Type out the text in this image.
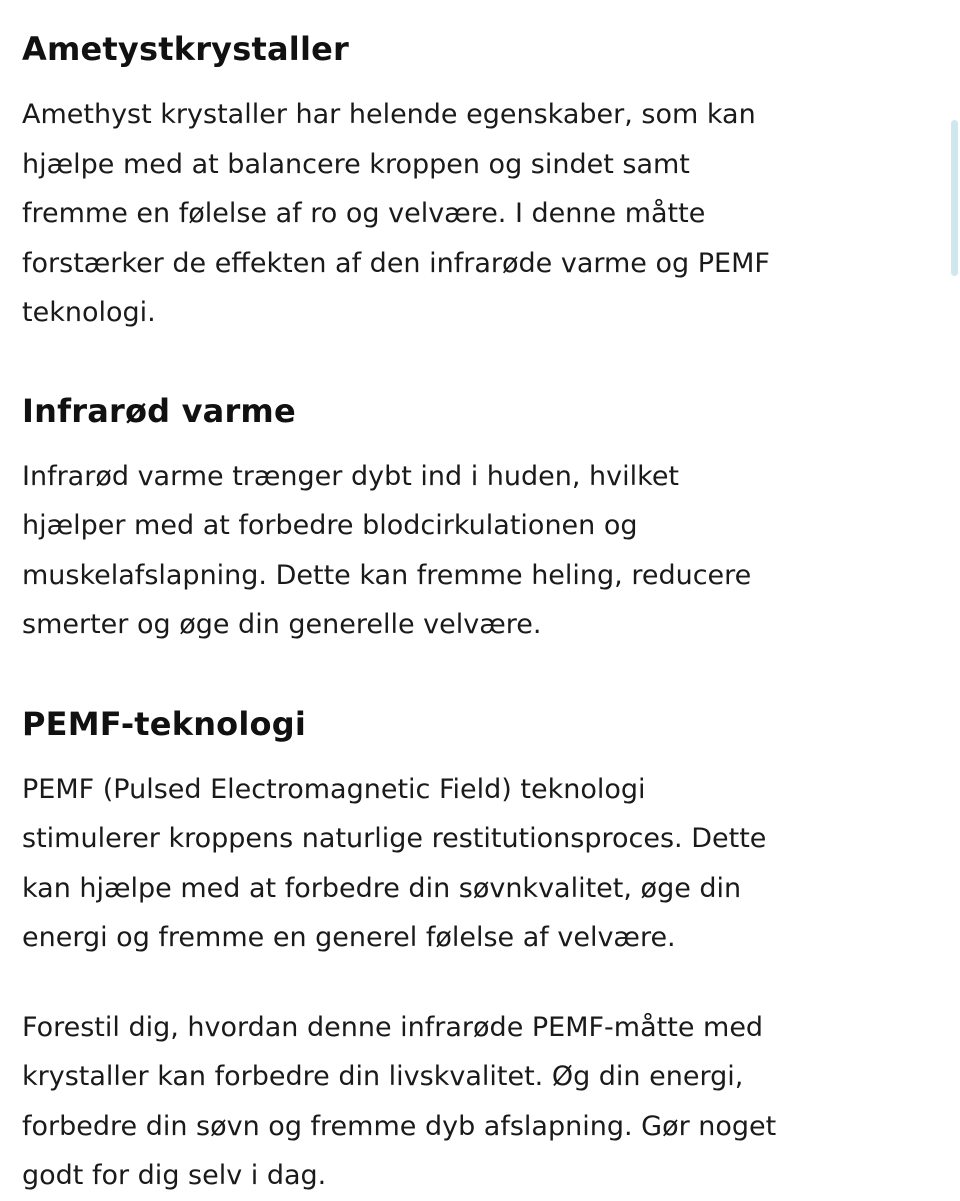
Ametystkrystaller

Amethyst krystaller har helende egenskaber, som kan
hjælpe med at balancere kroppen og sindet samt
fremme en følelse af ro og velvære. I denne måtte
forstærker de effekten af den infrarøde varme og PEMF
teknologi.

Infrarød varme

Infrarød varme trænger dybt ind i huden, hvilket
hjælper med at forbedre blodcirkulationen og
muskelafslapning. Dette kan fremme heling, reducere
smerter og øge din generelle velvære.

PEMF-teknologi

PEMF (Pulsed Electromagnetic Field) teknologi
stimulerer kroppens naturlige restitutionsproces. Dette
kan hjælpe med at forbedre din søvnkvalitet, øge din
energi og fremme en generel følelse af velvære.

Forestil dig, hvordan denne infrarøde PEMF-måtte med
krystaller kan forbedre din livskvalitet. Øg din energi,
forbedre din søvn og fremme dyb afslapning. Gør noget
godt for dig selv i dag.
